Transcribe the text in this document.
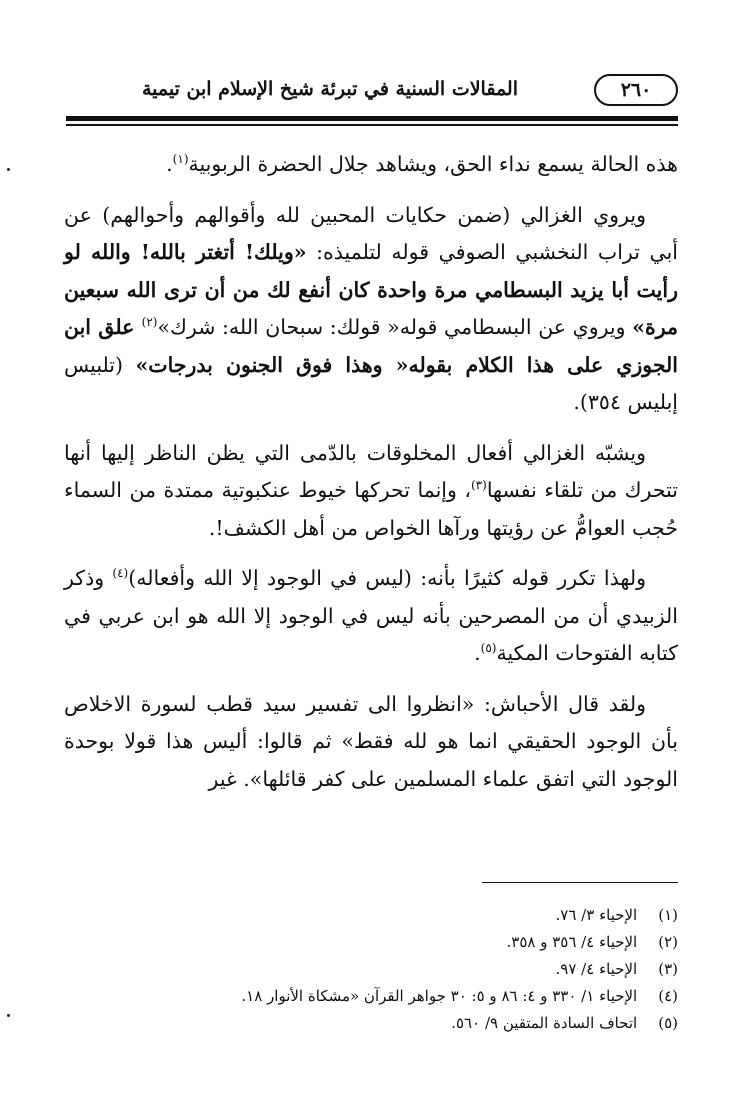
٢٦٠
المقالات السنية في تبرئة شيخ الإسلام ابن تيمية

هذه الحالة يسمع نداء الحق، ويشاهد جلال الحضرة الربوبية$^{(١)}$.

ويروي الغزالي (ضمن حكايات المحبين لله وأقوالهم وأحوالهم) عن أبي تراب النخشبي الصوفي قوله لتلميذه: «ويلك! أتغتر بالله! والله لو رأيت أبا يزيد البسطامي مرة واحدة كان أنفع لك من أن ترى الله سبعين مرة» ويروي عن البسطامي قوله« قولك: سبحان الله: شرك»$^{(٢)}$ علق ابن الجوزي على هذا الكلام بقوله« وهذا فوق الجنون بدرجات» (تلبيس إبليس ٣٥٤).

ويشبّه الغزالي أفعال المخلوقات بالدّمى التي يظن الناظر إليها أنها تتحرك من تلقاء نفسها$^{(٣)}$، وإنما تحركها خيوط عنكبوتية ممتدة من السماء حُجب العوامُّ عن رؤيتها ورآها الخواص من أهل الكشف!.

ولهذا تكرر قوله كثيرًا بأنه: (ليس في الوجود إلا الله وأفعاله)$^{(٤)}$ وذكر الزبيدي أن من المصرحين بأنه ليس في الوجود إلا الله هو ابن عربي في كتابه الفتوحات المكية$^{(٥)}$.

ولقد قال الأحباش: «انظروا الى تفسير سيد قطب لسورة الاخلاص بأن الوجود الحقيقي انما هو لله فقط» ثم قالوا: أليس هذا قولا بوحدة الوجود التي اتفق علماء المسلمين على كفر قائلها». غير

(١) الإحياء ٣/ ٧٦.
(٢) الإحياء ٤/ ٣٥٦ و ٣٥٨.
(٣) الإحياء ٤/ ٩٧.
(٤) الإحياء ١/ ٣٣٠ و ٤: ٨٦ و ٥: ٣٠ جواهر القرآن «مشكاة الأنوار ١٨.
(٥) اتحاف السادة المتقين ٩/ ٥٦٠.
